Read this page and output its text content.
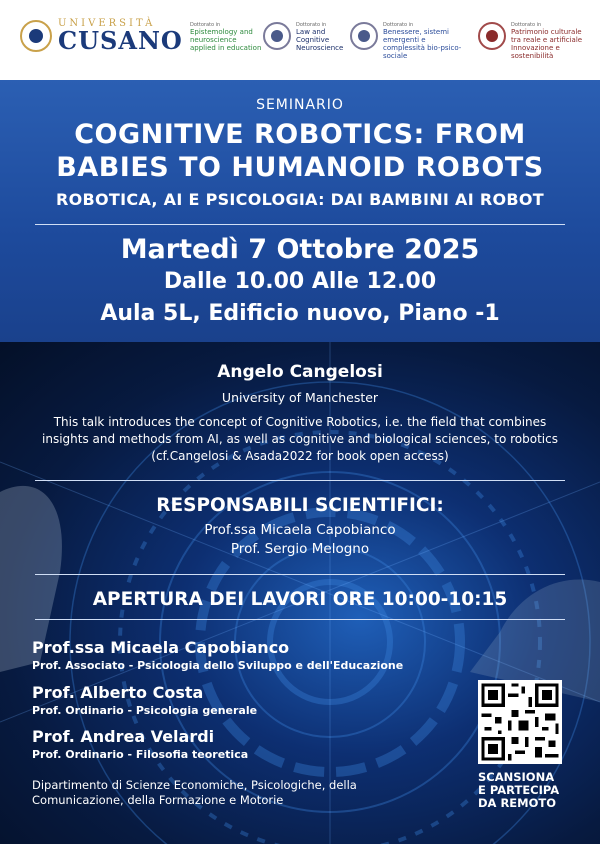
UNIVERSITÀ
CUSANO
Dottorato in
Epistemology and neuroscience applied in education
Dottorato in
Law and Cognitive Neuroscience
Dottorato in
Benessere, sistemi emergenti e complessità bio-psico-sociale
Dottorato in
Patrimonio culturale tra reale e artificiale Innovazione e sostenibilità
SEMINARIO
COGNITIVE ROBOTICS: FROM
BABIES TO HUMANOID ROBOTS
ROBOTICA, AI E PSICOLOGIA: DAI BAMBINI AI ROBOT
Martedì 7 Ottobre 2025
Dalle 10.00 Alle 12.00
Aula 5L, Edificio nuovo, Piano -1
Angelo Cangelosi
University of Manchester
This talk introduces the concept of Cognitive Robotics, i.e. the field that combines insights and methods from AI, as well as cognitive and biological sciences, to robotics (cf.Cangelosi & Asada2022 for book open access)
RESPONSABILI SCIENTIFICI:
Prof.ssa Micaela Capobianco
Prof. Sergio Melogno
APERTURA DEI LAVORI ORE 10:00-10:15
Prof.ssa Micaela Capobianco
Prof. Associato - Psicologia dello Sviluppo e dell'Educazione
Prof. Alberto Costa
Prof. Ordinario - Psicologia generale
Prof. Andrea Velardi
Prof. Ordinario - Filosofia teoretica
Dipartimento di Scienze Economiche, Psicologiche, della Comunicazione, della Formazione e Motorie
SCANSIONA
E PARTECIPA
DA REMOTO
